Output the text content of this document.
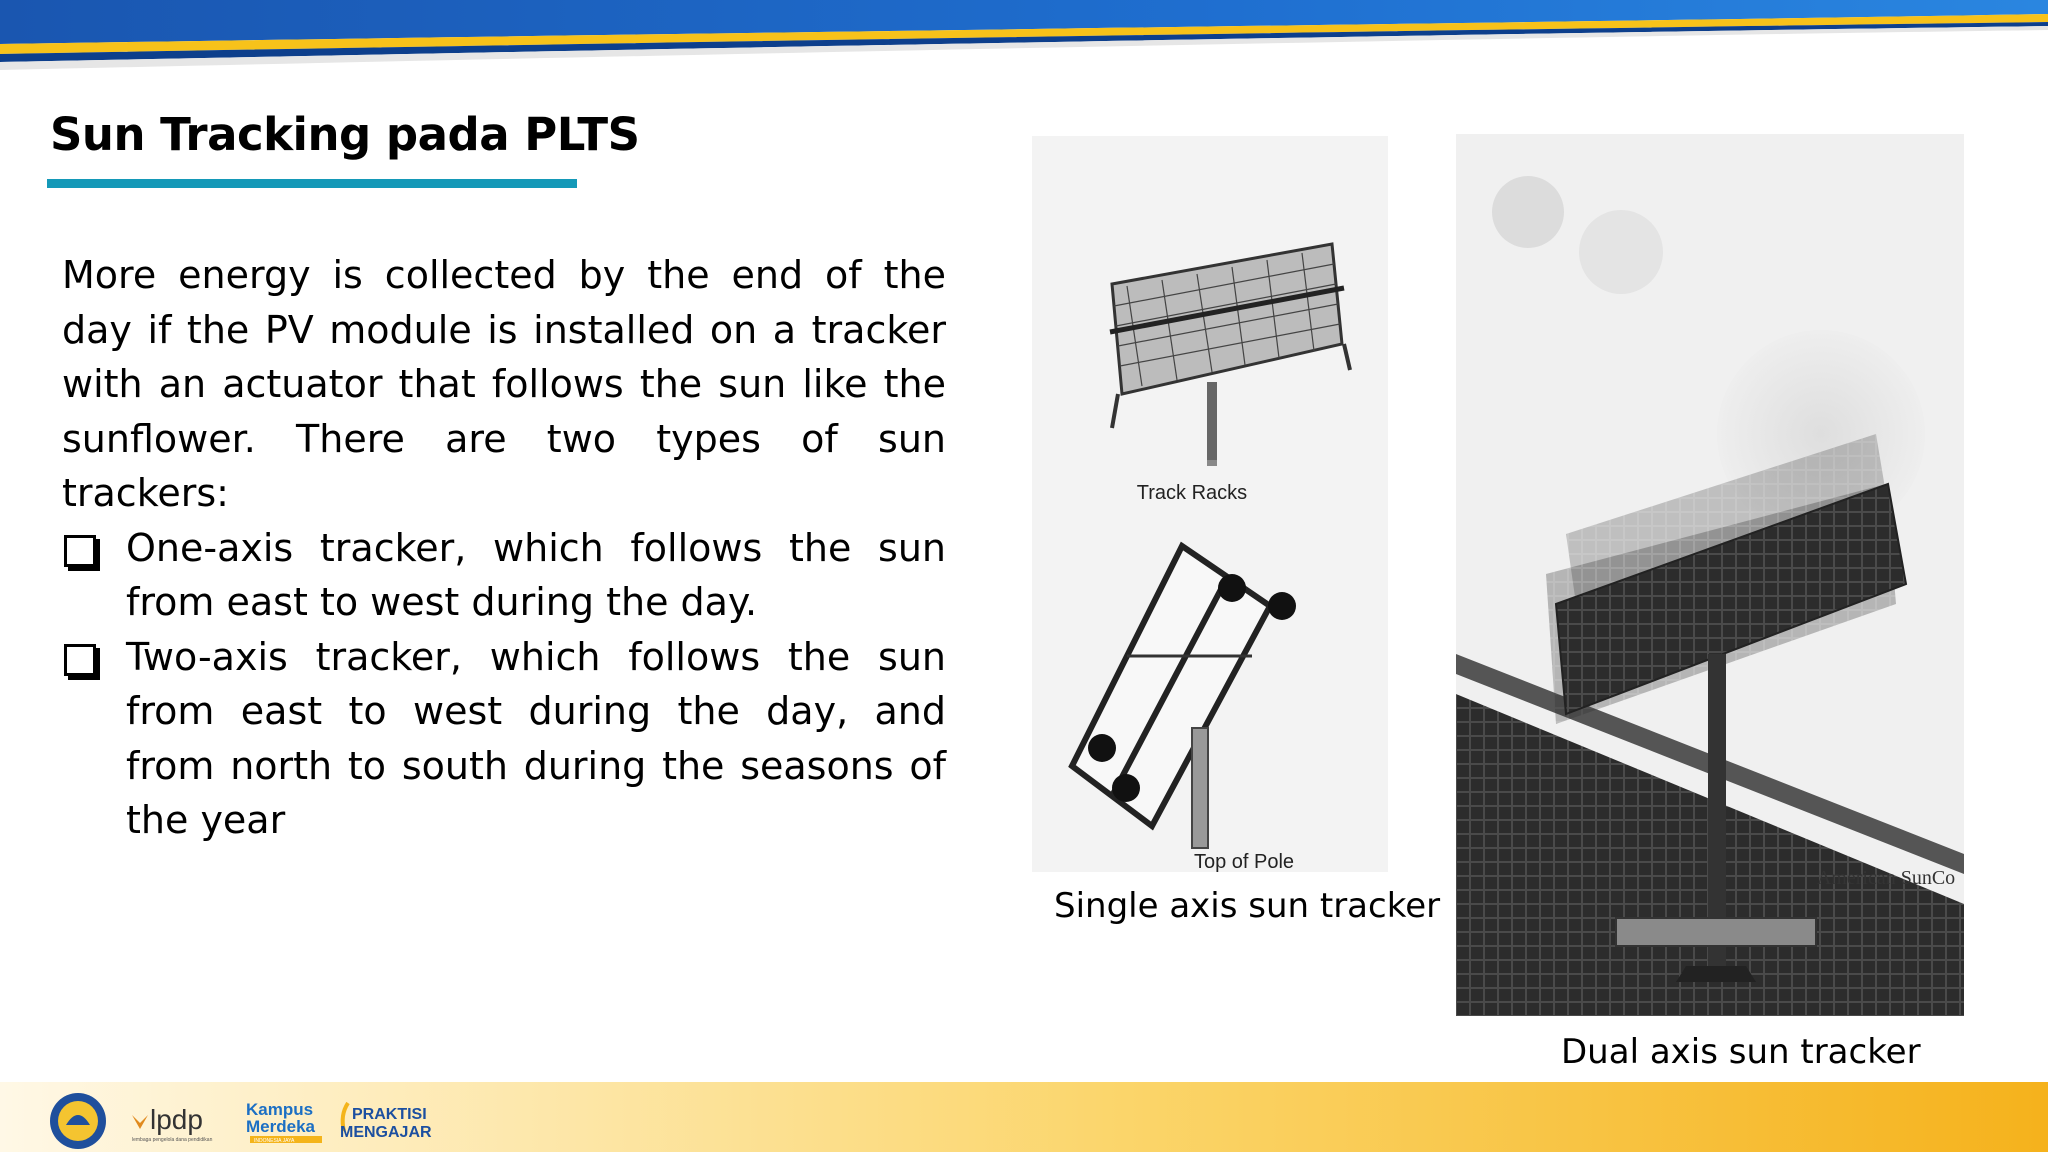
Sun Tracking pada PLTS

More energy is collected by the end of the day if the PV module is installed on a tracker with an actuator that follows the sun like the sunflower. There are two types of sun trackers:

One-axis tracker, which follows the sun from east to west during the day.
Two-axis tracker, which follows the sun from east to west during the day, and from north to south during the seasons of the year
Track Racks
Top of Pole
Single axis sun tracker
American SunCo
Dual axis sun tracker
lpdp
lembaga pengelola dana pendidikan
Kampus
Merdeka
INDONESIA JAYA
PRAKTISI
MENGAJAR
